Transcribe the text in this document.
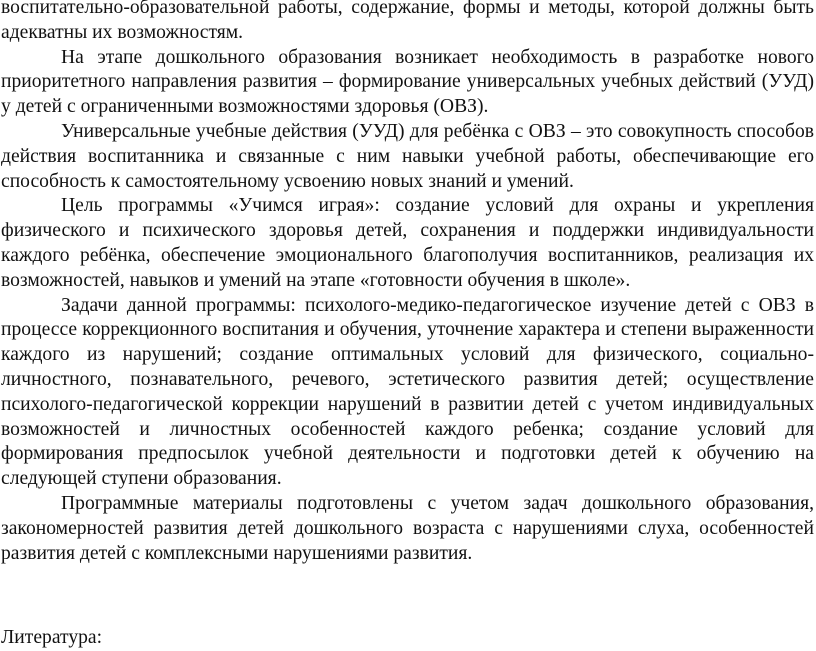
воспитательно-образовательной работы, содержание, формы и методы, которой должны быть адекватны их возможностям.

На этапе дошкольного образования возникает необходимость в разработке нового приоритетного направления развития – формирование универсальных учебных действий (УУД) у детей с ограниченными возможностями здоровья (ОВЗ).

Универсальные учебные действия (УУД) для ребёнка с ОВЗ – это совокупность способов действия воспитанника и связанные с ним навыки учебной работы, обеспечивающие его способность к самостоятельному усвоению новых знаний и умений.

Цель программы «Учимся играя»: создание условий для охраны и укрепления физического и психического здоровья детей, сохранения и поддержки индивидуальности каждого ребёнка, обеспечение эмоционального благополучия воспитанников, реализация их возможностей, навыков и умений на этапе «готовности обучения в школе».

Задачи данной программы: психолого-медико-педагогическое изучение детей с ОВЗ в процессе коррекционного воспитания и обучения, уточнение характера и степени выраженности каждого из нарушений; создание оптимальных условий для физического, социально-личностного, познавательного, речевого, эстетического развития детей; осуществление психолого-педагогической коррекции нарушений в развитии детей с учетом индивидуальных возможностей и личностных особенностей каждого ребенка; создание условий для формирования предпосылок учебной деятельности и подготовки детей к обучению на следующей ступени образования.

Программные материалы подготовлены с учетом задач дошкольного образования, закономерностей развития детей дошкольного возраста с нарушениями слуха, особенностей развития детей с комплексными нарушениями развития.

Литература:
